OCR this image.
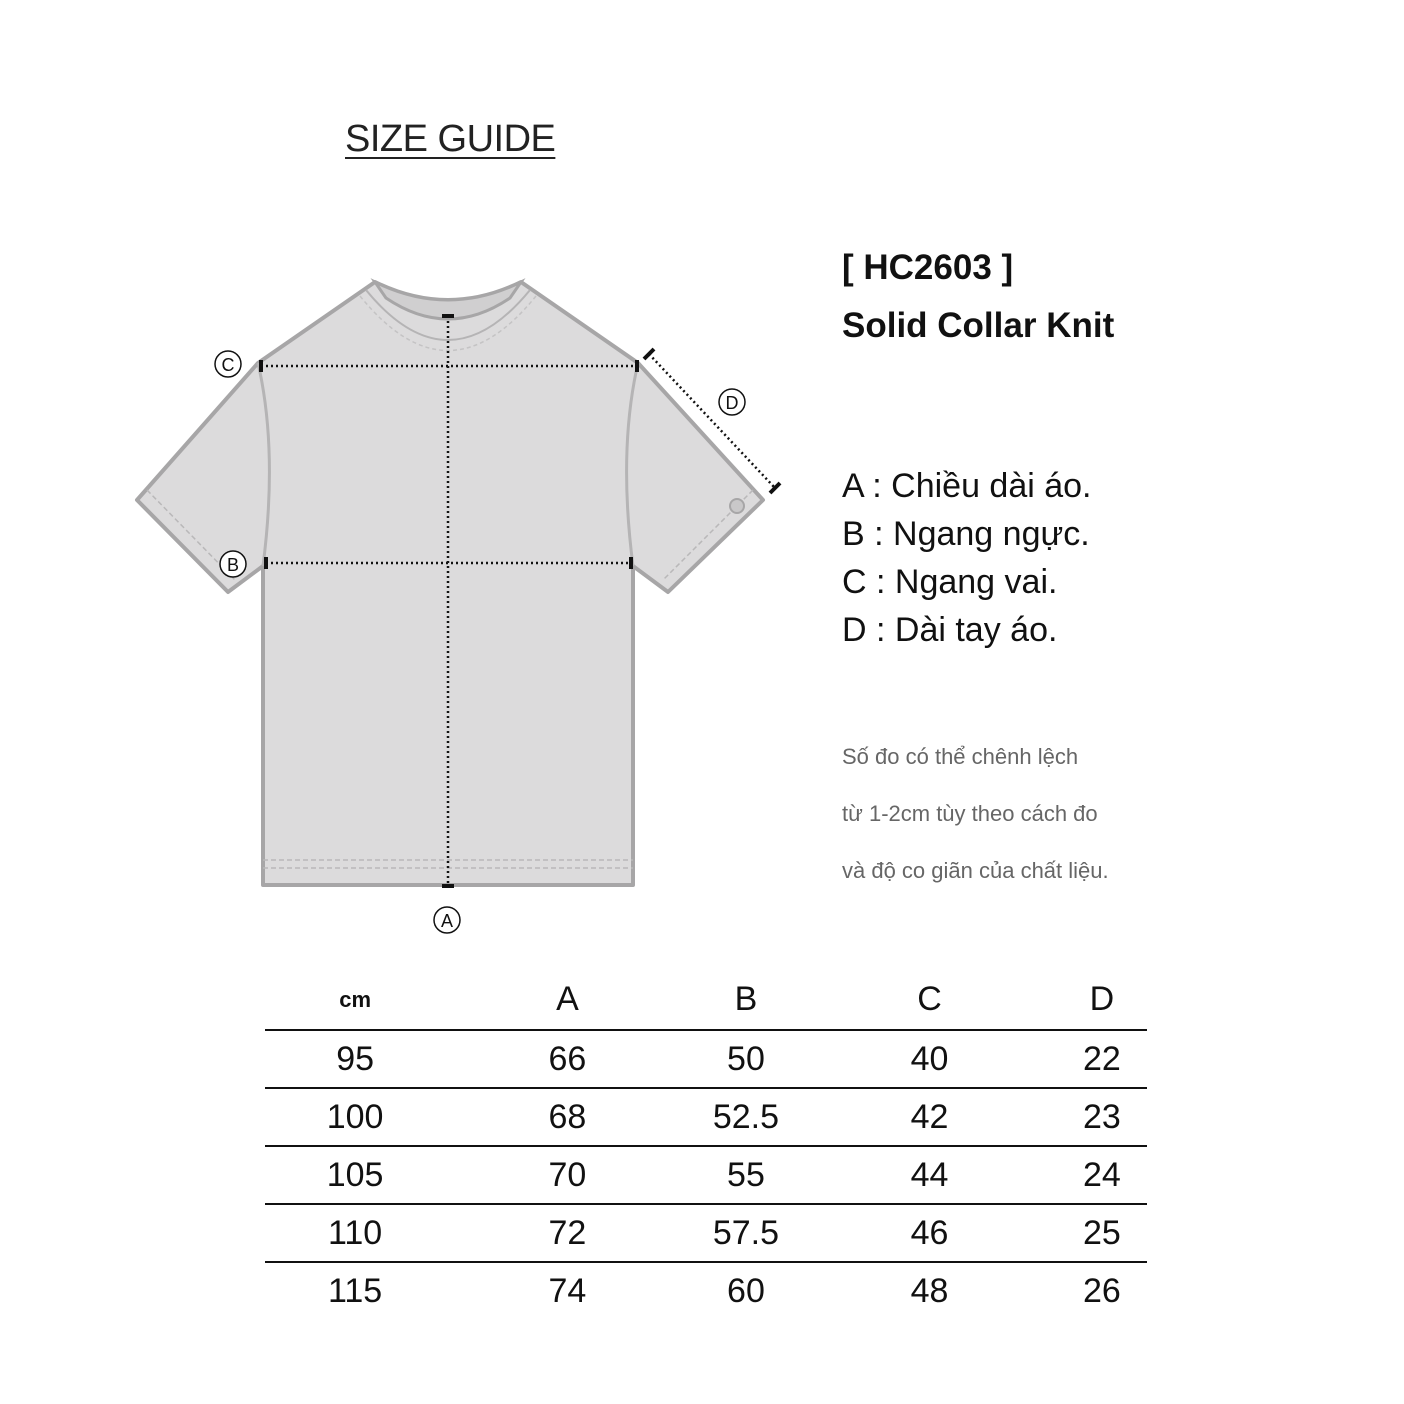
SIZE GUIDE
A
B
C
D
[ HC2603 ]
Solid Collar Knit
A : Chiều dài áo.
B : Ngang ngực.
C : Ngang vai.
D : Dài tay áo.
Số đo có thể chênh lệch
từ 1-2cm tùy theo cách đo
và độ co giãn của chất liệu.
cm	A	B	C	D
95	66	50	40	22
100	68	52.5	42	23
105	70	55	44	24
110	72	57.5	46	25
115	74	60	48	26
